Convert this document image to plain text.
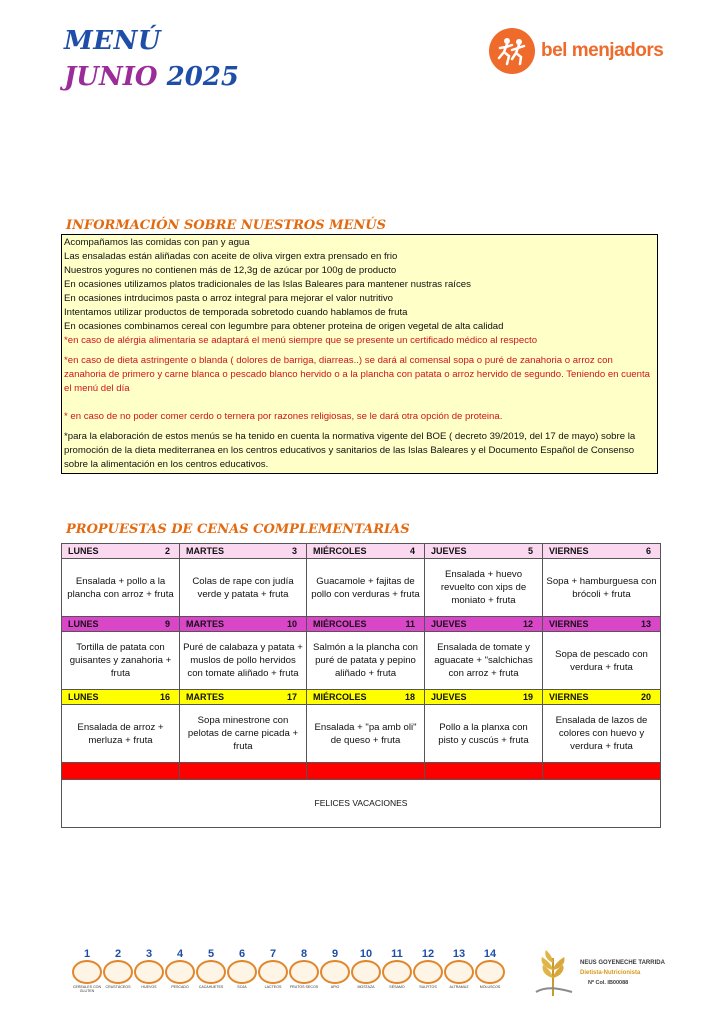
MENÚ
JUNIO 2025
bel menjadors
INFORMACIÓN SOBRE NUESTROS MENÚS
Acompañamos las comidas con pan y agua
Las ensaladas están aliñadas con aceite de oliva virgen extra prensado en frio
Nuestros yogures no contienen más de 12,3g de azúcar por 100g de producto
En ocasiones utilizamos platos tradicionales de las Islas Baleares para mantener nustras raíces
En ocasiones intrducimos pasta o arroz integral para mejorar el valor nutritivo
Intentamos utilizar productos de temporada sobretodo cuando hablamos de fruta
En ocasiones combinamos cereal con legumbre para obtener proteina de origen vegetal de alta calidad
*en caso de alérgia alimentaria se adaptará el menú siempre que se presente un certificado médico al respecto
*en caso de dieta astringente o blanda ( dolores de barriga, diarreas..) se dará al comensal sopa o puré de zanahoria o arroz con zanahoria de primero y carne blanca o pescado blanco hervido o a la plancha con patata o arroz hervido de segundo. Teniendo en cuenta el menú del día
* en caso de no poder comer cerdo o ternera por razones religiosas, se le dará otra opción de proteina.
*para la elaboración de estos menús se ha tenido en cuenta la normativa vigente del BOE ( decreto 39/2019, del 17 de mayo) sobre la promoción de la dieta mediterranea en los centros educativos y sanitarios de las Islas Baleares y el Documento Español de Consenso sobre la alimentación en los centros educativos.
PROPUESTAS DE CENAS COMPLEMENTARIAS
LUNES 2	MARTES 3	MIÉRCOLES 4	JUEVES 5	VIERNES 6

Ensalada + pollo a la plancha con arroz + fruta	Colas de rape con judía verde y patata + fruta	Guacamole + fajitas de pollo con verduras + fruta	Ensalada + huevo revuelto con xips de moniato + fruta	Sopa + hamburguesa con brócoli + fruta

LUNES 9	MARTES 10	MIÉRCOLES 11	JUEVES 12	VIERNES 13

Tortilla de patata con guisantes y zanahoria + fruta	Puré de calabaza y patata + muslos de pollo hervidos con tomate aliñado + fruta	Salmón a la plancha con puré de patata y pepino aliñado + fruta	Ensalada de tomate y aguacate + "salchichas con arroz + fruta	Sopa de pescado con verdura + fruta

LUNES 16	MARTES 17	MIÉRCOLES 18	JUEVES 19	VIERNES 20

Ensalada de arroz + merluza + fruta	Sopa minestrone con pelotas de carne picada + fruta	Ensalada + "pa amb oli" de queso + fruta	Pollo a la planxa con pisto y cuscús + fruta	Ensalada de lazos de colores con huevo y verdura + fruta

FELICES VACACIONES				
1
CEREALES CON GLUTEN
2
CRUSTÁCEOS
3
HUEVOS
4
PESCADO
5
CACAHUETES
6
SOJA
7
LACTEOS
8
FRUTOS SECOS
9
APIO
10
MOSTAZA
11
SÉSAMO
12
SULFITOS
13
ALTRAMUZ
14
MOLUSCOS
NEUS GOYENECHE TARRIDA
Dietista-Nutricionista
Nº Col. IB00088
